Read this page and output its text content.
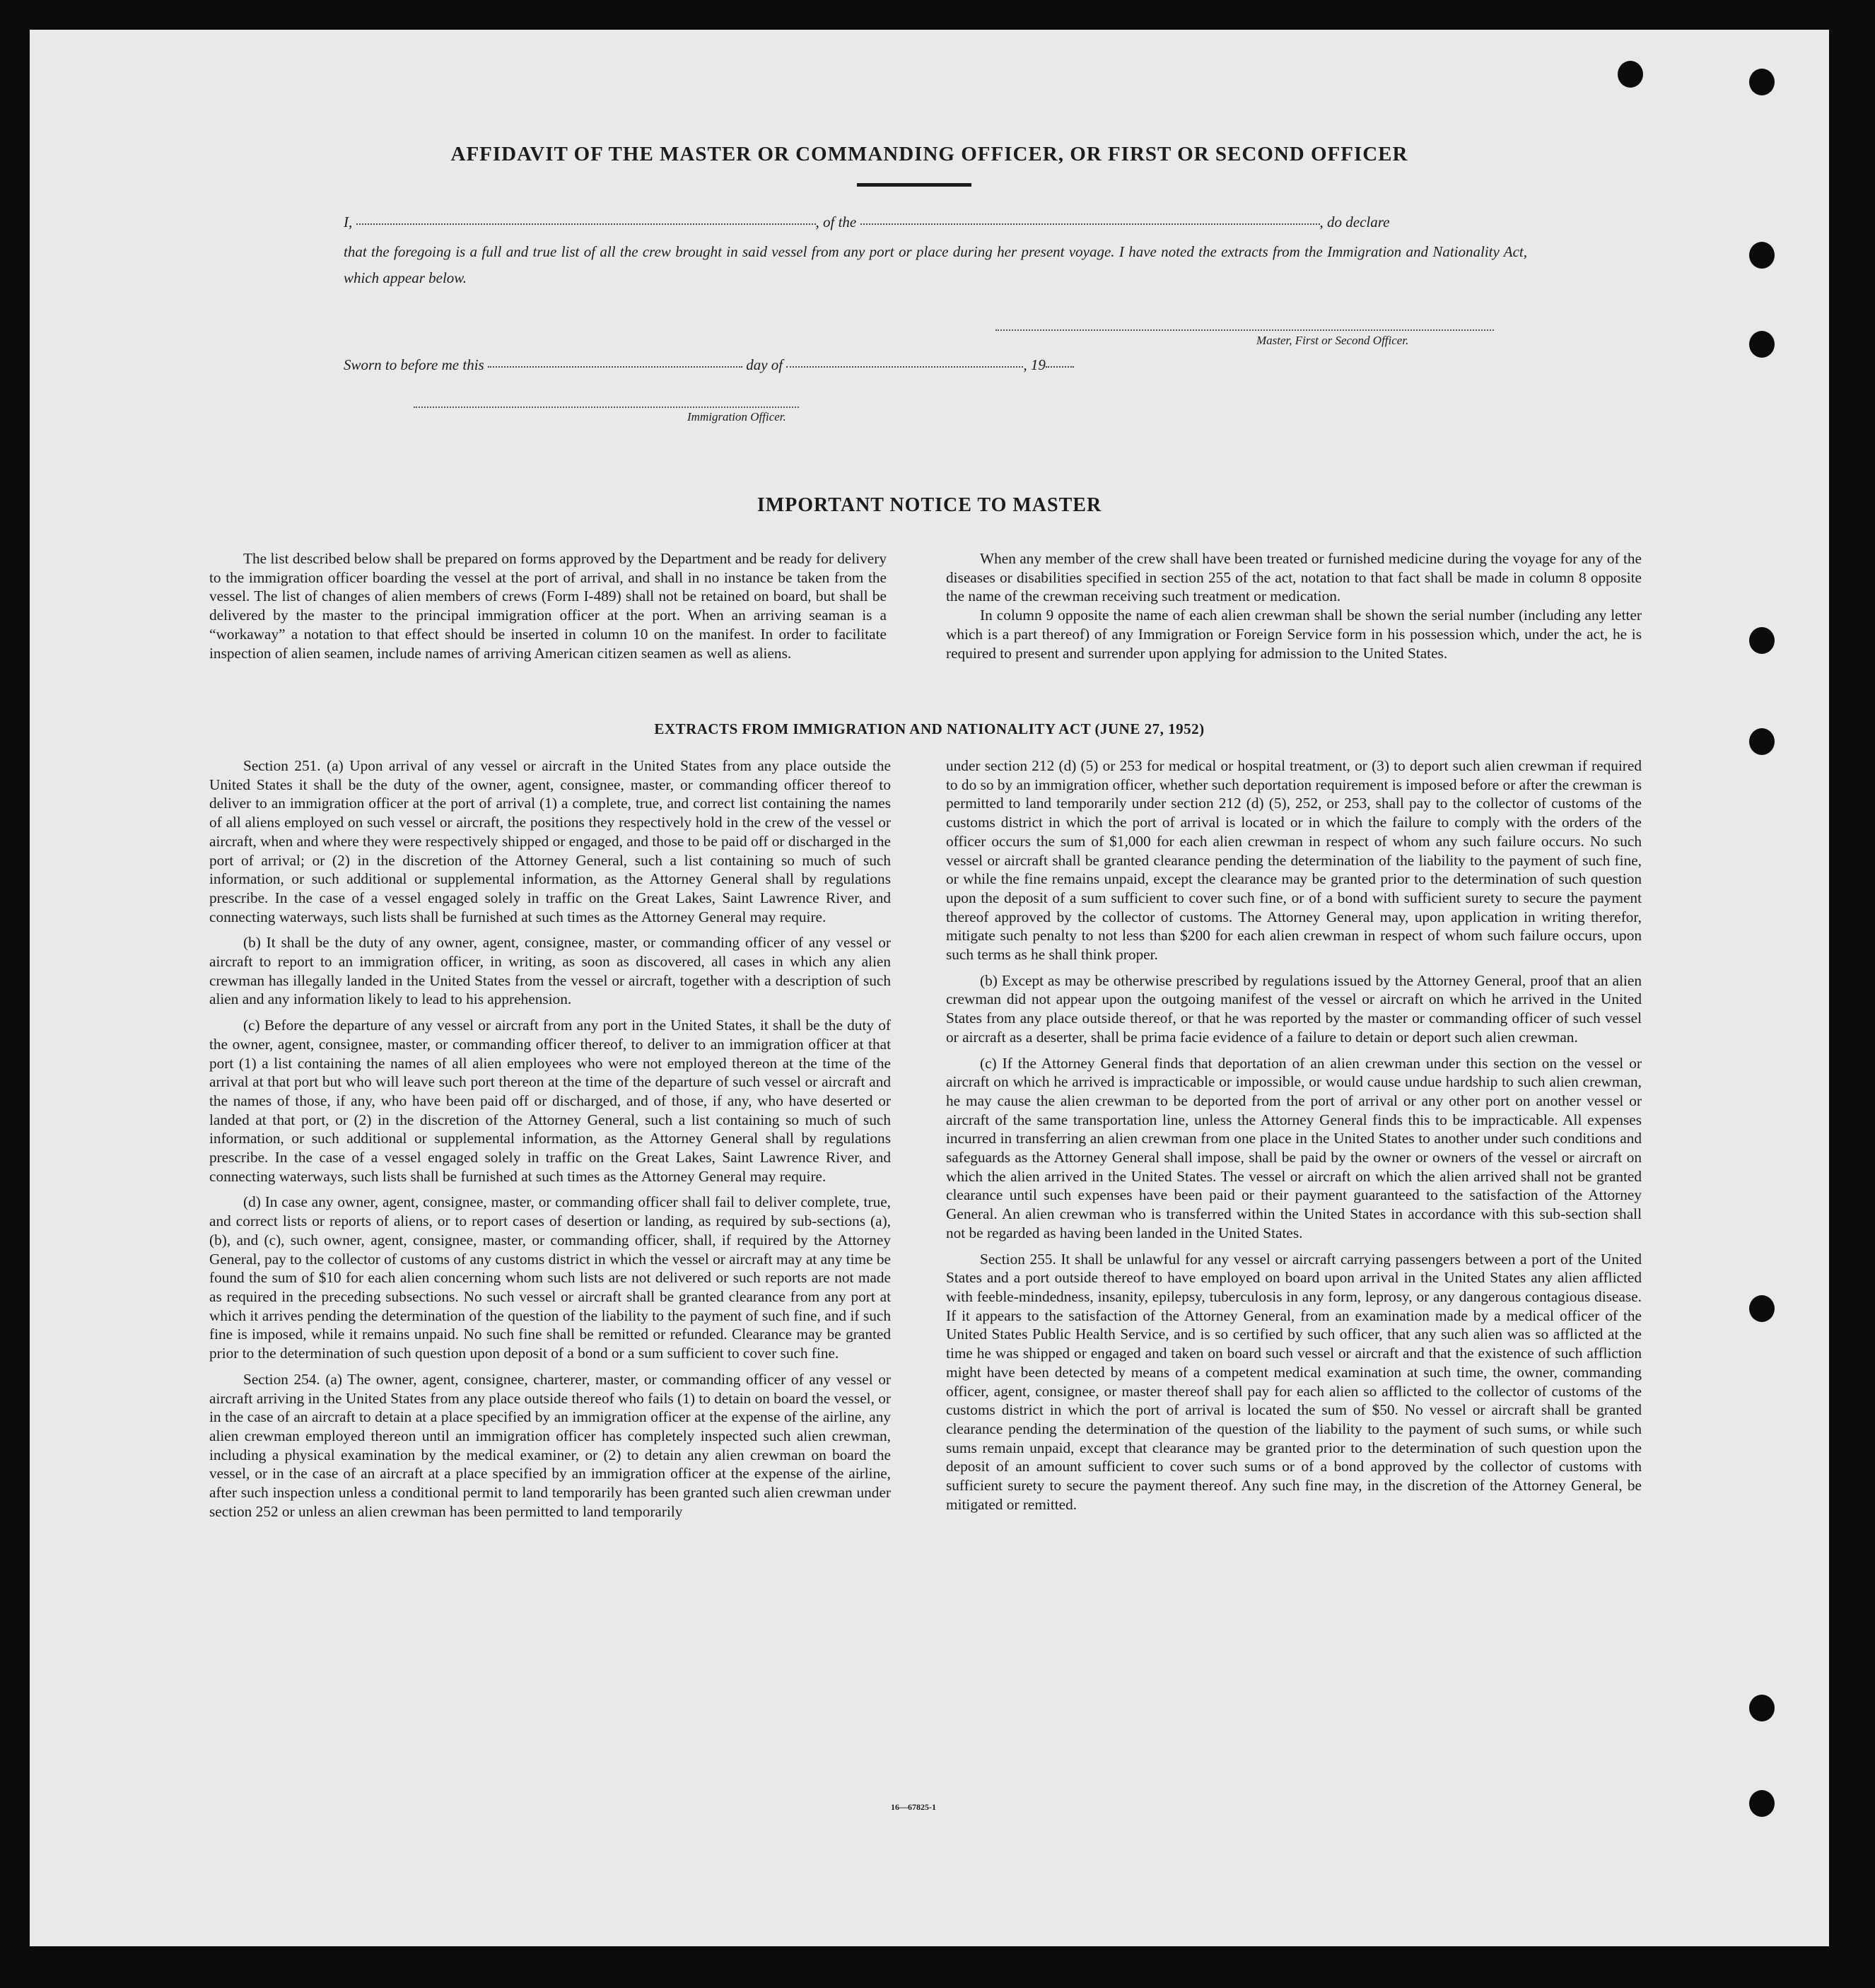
AFFIDAVIT OF THE MASTER OR COMMANDING OFFICER, OR FIRST OR SECOND OFFICER
I,	, of the	, do declare
that the foregoing is a full and true list of all the crew brought in said vessel from any port or place during her present voyage. I have noted the extracts from the Immigration and Nationality Act, which appear below.
Master, First or Second Officer.
Sworn to before me this	day of	, 19
Immigration Officer.
IMPORTANT NOTICE TO MASTER

The list described below shall be prepared on forms approved by the Department and be ready for delivery to the immigration officer boarding the vessel at the port of arrival, and shall in no instance be taken from the vessel. The list of changes of alien members of crews (Form I-489) shall not be retained on board, but shall be delivered by the master to the principal immigration officer at the port. When an arriving seaman is a “workaway” a notation to that effect should be inserted in column 10 on the manifest. In order to facilitate inspection of alien seamen, include names of arriving American citizen seamen as well as aliens.

When any member of the crew shall have been treated or furnished medicine during the voyage for any of the diseases or disabilities specified in section 255 of the act, notation to that fact shall be made in column 8 opposite the name of the crewman receiving such treatment or medication.

In column 9 opposite the name of each alien crewman shall be shown the serial number (including any letter which is a part thereof) of any Immigration or Foreign Service form in his possession which, under the act, he is required to present and surrender upon applying for admission to the United States.

EXTRACTS FROM IMMIGRATION AND NATIONALITY ACT (JUNE 27, 1952)

Section 251. (a) Upon arrival of any vessel or aircraft in the United States from any place outside the United States it shall be the duty of the owner, agent, consignee, master, or commanding officer thereof to deliver to an immigration officer at the port of arrival (1) a complete, true, and correct list containing the names of all aliens employed on such vessel or aircraft, the positions they respectively hold in the crew of the vessel or aircraft, when and where they were respectively shipped or engaged, and those to be paid off or discharged in the port of arrival; or (2) in the discretion of the Attorney General, such a list containing so much of such information, or such additional or supplemental information, as the Attorney General shall by regulations prescribe. In the case of a vessel engaged solely in traffic on the Great Lakes, Saint Lawrence River, and connecting waterways, such lists shall be furnished at such times as the Attorney General may require.

(b) It shall be the duty of any owner, agent, consignee, master, or commanding officer of any vessel or aircraft to report to an immigration officer, in writing, as soon as discovered, all cases in which any alien crewman has illegally landed in the United States from the vessel or aircraft, together with a description of such alien and any information likely to lead to his apprehension.

(c) Before the departure of any vessel or aircraft from any port in the United States, it shall be the duty of the owner, agent, consignee, master, or commanding officer thereof, to deliver to an immigration officer at that port (1) a list containing the names of all alien employees who were not employed thereon at the time of the arrival at that port but who will leave such port thereon at the time of the departure of such vessel or aircraft and the names of those, if any, who have been paid off or discharged, and of those, if any, who have deserted or landed at that port, or (2) in the discretion of the Attorney General, such a list containing so much of such information, or such additional or supplemental information, as the Attorney General shall by regulations prescribe. In the case of a vessel engaged solely in traffic on the Great Lakes, Saint Lawrence River, and connecting waterways, such lists shall be furnished at such times as the Attorney General may require.

(d) In case any owner, agent, consignee, master, or commanding officer shall fail to deliver complete, true, and correct lists or reports of aliens, or to report cases of desertion or landing, as required by sub-sections (a), (b), and (c), such owner, agent, consignee, master, or commanding officer, shall, if required by the Attorney General, pay to the collector of customs of any customs district in which the vessel or aircraft may at any time be found the sum of $10 for each alien concerning whom such lists are not delivered or such reports are not made as required in the preceding subsections. No such vessel or aircraft shall be granted clearance from any port at which it arrives pending the determination of the question of the liability to the payment of such fine, and if such fine is imposed, while it remains unpaid. No such fine shall be remitted or refunded. Clearance may be granted prior to the determination of such question upon deposit of a bond or a sum sufficient to cover such fine.

Section 254. (a) The owner, agent, consignee, charterer, master, or commanding officer of any vessel or aircraft arriving in the United States from any place outside thereof who fails (1) to detain on board the vessel, or in the case of an aircraft to detain at a place specified by an immigration officer at the expense of the airline, any alien crewman employed thereon until an immigration officer has completely inspected such alien crewman, including a physical examination by the medical examiner, or (2) to detain any alien crewman on board the vessel, or in the case of an aircraft at a place specified by an immigration officer at the expense of the airline, after such inspection unless a conditional permit to land temporarily has been granted such alien crewman under section 252 or unless an alien crewman has been permitted to land temporarily

under section 212 (d) (5) or 253 for medical or hospital treatment, or (3) to deport such alien crewman if required to do so by an immigration officer, whether such deportation requirement is imposed before or after the crewman is permitted to land temporarily under section 212 (d) (5), 252, or 253, shall pay to the collector of customs of the customs district in which the port of arrival is located or in which the failure to comply with the orders of the officer occurs the sum of $1,000 for each alien crewman in respect of whom any such failure occurs. No such vessel or aircraft shall be granted clearance pending the determination of the liability to the payment of such fine, or while the fine remains unpaid, except the clearance may be granted prior to the determination of such question upon the deposit of a sum sufficient to cover such fine, or of a bond with sufficient surety to secure the payment thereof approved by the collector of customs. The Attorney General may, upon application in writing therefor, mitigate such penalty to not less than $200 for each alien crewman in respect of whom such failure occurs, upon such terms as he shall think proper.

(b) Except as may be otherwise prescribed by regulations issued by the Attorney General, proof that an alien crewman did not appear upon the outgoing manifest of the vessel or aircraft on which he arrived in the United States from any place outside thereof, or that he was reported by the master or commanding officer of such vessel or aircraft as a deserter, shall be prima facie evidence of a failure to detain or deport such alien crewman.

(c) If the Attorney General finds that deportation of an alien crewman under this section on the vessel or aircraft on which he arrived is impracticable or impossible, or would cause undue hardship to such alien crewman, he may cause the alien crewman to be deported from the port of arrival or any other port on another vessel or aircraft of the same transportation line, unless the Attorney General finds this to be impracticable. All expenses incurred in transferring an alien crewman from one place in the United States to another under such conditions and safeguards as the Attorney General shall impose, shall be paid by the owner or owners of the vessel or aircraft on which the alien arrived in the United States. The vessel or aircraft on which the alien arrived shall not be granted clearance until such expenses have been paid or their payment guaranteed to the satisfaction of the Attorney General. An alien crewman who is transferred within the United States in accordance with this sub-section shall not be regarded as having been landed in the United States.

Section 255. It shall be unlawful for any vessel or aircraft carrying passengers between a port of the United States and a port outside thereof to have employed on board upon arrival in the United States any alien afflicted with feeble-mindedness, insanity, epilepsy, tuberculosis in any form, leprosy, or any dangerous contagious disease. If it appears to the satisfaction of the Attorney General, from an examination made by a medical officer of the United States Public Health Service, and is so certified by such officer, that any such alien was so afflicted at the time he was shipped or engaged and taken on board such vessel or aircraft and that the existence of such affliction might have been detected by means of a competent medical examination at such time, the owner, commanding officer, agent, consignee, or master thereof shall pay for each alien so afflicted to the collector of customs of the customs district in which the port of arrival is located the sum of $50. No vessel or aircraft shall be granted clearance pending the determination of the question of the liability to the payment of such sums, or while such sums remain unpaid, except that clearance may be granted prior to the determination of such question upon the deposit of an amount sufficient to cover such sums or of a bond approved by the collector of customs with sufficient surety to secure the payment thereof. Any such fine may, in the discretion of the Attorney General, be mitigated or remitted.

16—67825-1
